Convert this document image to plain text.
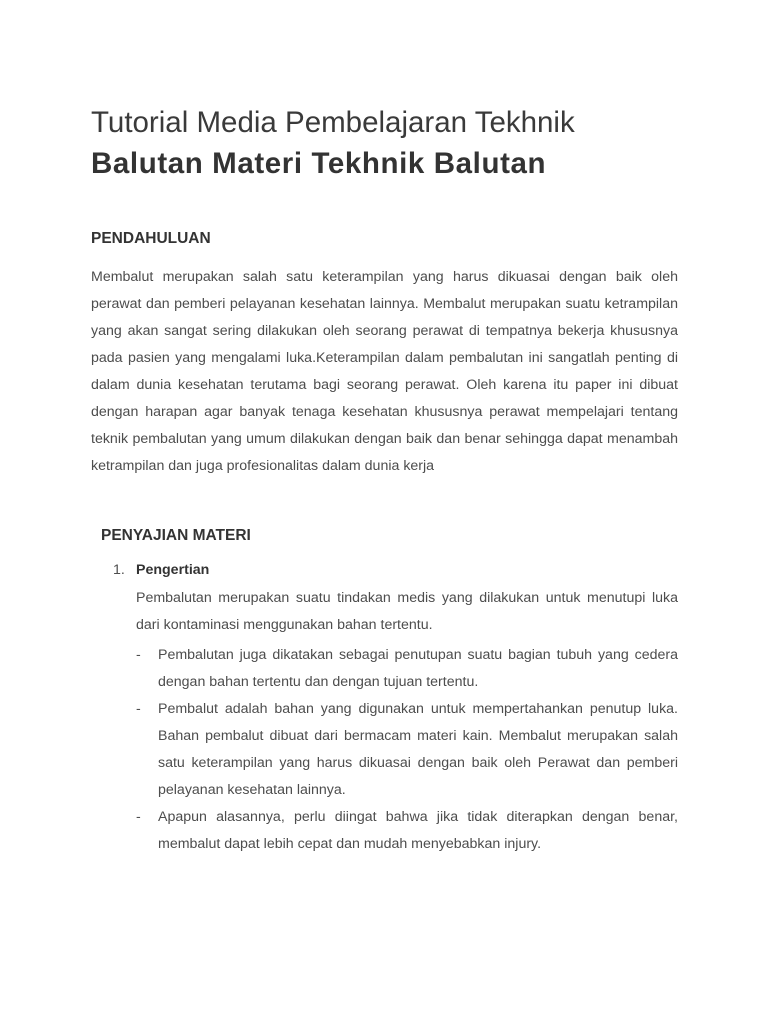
Tutorial Media Pembelajaran Tekhnik
Balutan Materi Tekhnik Balutan
PENDAHULUAN

Membalut merupakan salah satu keterampilan yang harus dikuasai dengan baik oleh perawat dan pemberi pelayanan kesehatan lainnya. Membalut merupakan suatu ketrampilan yang akan sangat sering dilakukan oleh seorang perawat di tempatnya bekerja khususnya pada pasien yang mengalami luka.Keterampilan dalam pembalutan ini sangatlah penting di dalam dunia kesehatan terutama bagi seorang perawat. Oleh karena itu paper ini dibuat dengan harapan agar banyak tenaga kesehatan khususnya perawat mempelajari tentang teknik pembalutan yang umum dilakukan dengan baik dan benar sehingga dapat menambah ketrampilan dan juga profesionalitas dalam dunia kerja

PENYAJIAN MATERI
1. Pengertian

Pembalutan merupakan suatu tindakan medis yang dilakukan untuk menutupi luka dari kontaminasi menggunakan bahan tertentu.

- Pembalutan juga dikatakan sebagai penutupan suatu bagian tubuh yang cedera dengan bahan tertentu dan dengan tujuan tertentu.
- Pembalut adalah bahan yang digunakan untuk mempertahankan penutup luka. Bahan pembalut dibuat dari bermacam materi kain. Membalut merupakan salah satu keterampilan yang harus dikuasai dengan baik oleh Perawat dan pemberi pelayanan kesehatan lainnya.
- Apapun alasannya, perlu diingat bahwa jika tidak diterapkan dengan benar, membalut dapat lebih cepat dan mudah menyebabkan injury.
